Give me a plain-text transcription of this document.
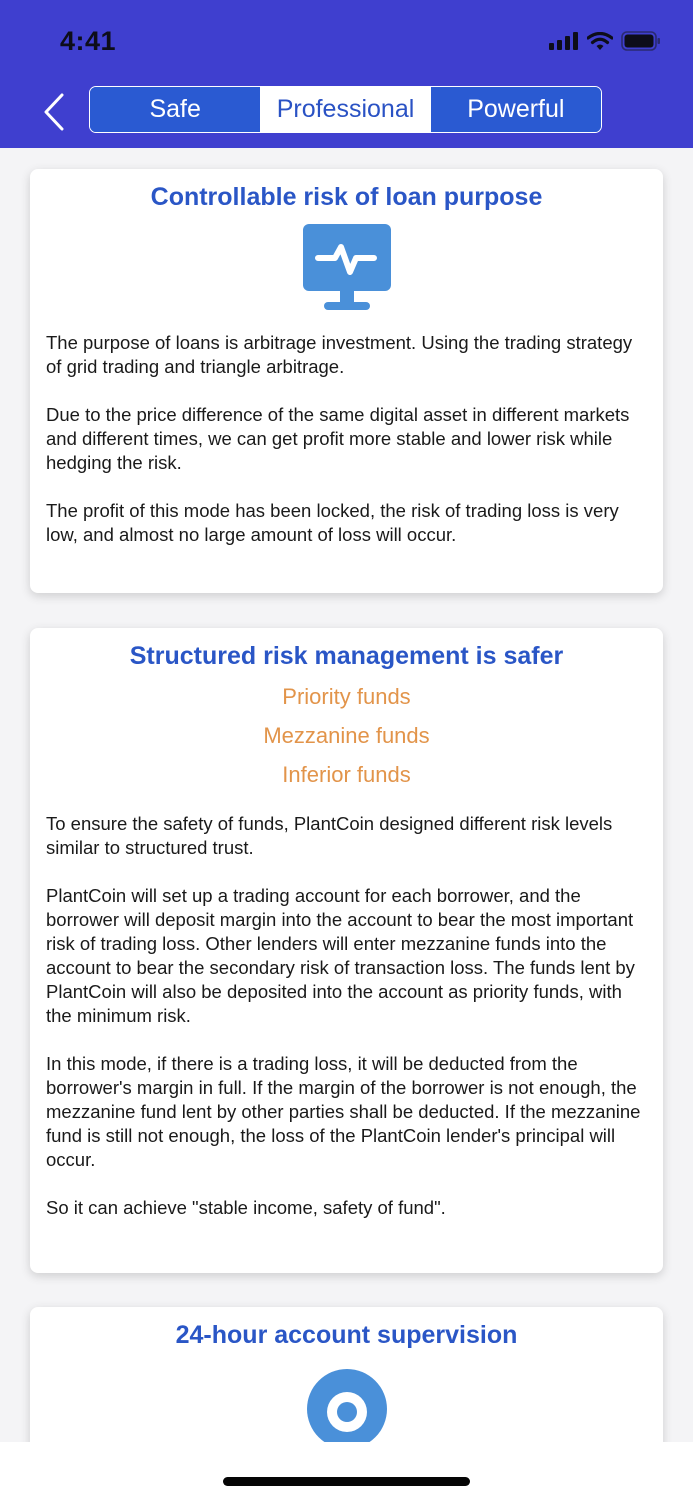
4:41
Safe	Professional	Powerful
Controllable risk of loan purpose

The purpose of loans is arbitrage investment. Using the trading strategy of grid trading and triangle arbitrage.

Due to the price difference of the same digital asset in different markets and different times, we can get profit more stable and lower risk while hedging the risk.

The profit of this mode has been locked, the risk of trading loss is very low, and almost no large amount of loss will occur.

Structured risk management is safer
Priority funds
Mezzanine funds
Inferior funds

To ensure the safety of funds, PlantCoin designed different risk levels similar to structured trust.

PlantCoin will set up a trading account for each borrower, and the borrower will deposit margin into the account to bear the most important risk of trading loss. Other lenders will enter mezzanine funds into the account to bear the secondary risk of transaction loss. The funds lent by PlantCoin will also be deposited into the account as priority funds, with the minimum risk.

In this mode, if there is a trading loss, it will be deducted from the borrower's margin in full. If the margin of the borrower is not enough, the mezzanine fund lent by other parties shall be deducted. If the mezzanine fund is still not enough, the loss of the PlantCoin lender's principal will occur.

So it can achieve "stable income, safety of fund".

24-hour account supervision
